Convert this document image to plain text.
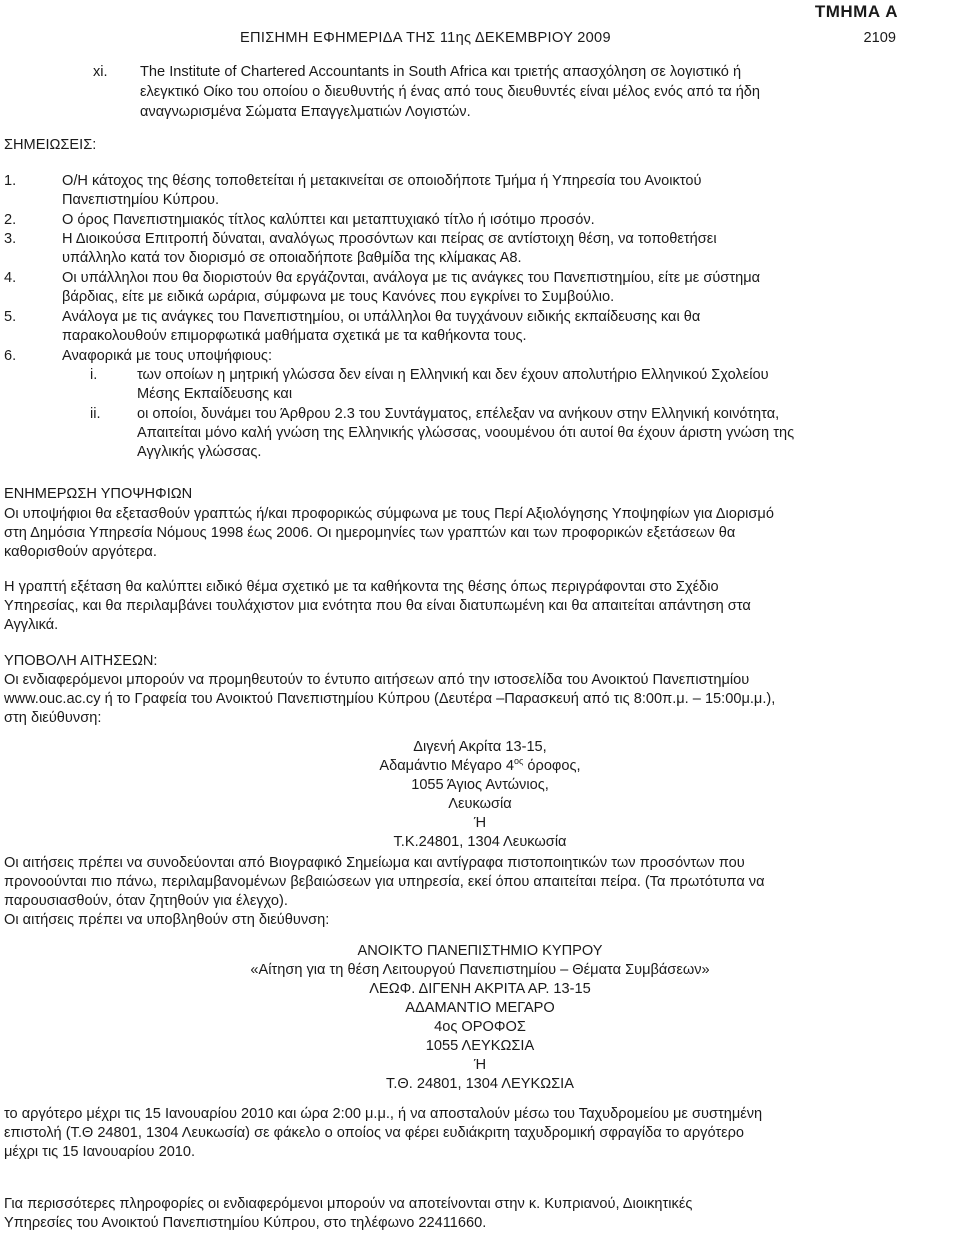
ΤΜΗΜΑ Α
ΕΠΙΣΗΜΗ ΕΦΗΜΕΡΙΔΑ ΤΗΣ 11ης ΔΕΚΕΜΒΡΙΟΥ 2009	2109
xi. The Institute of Chartered Accountants in South Africa και τριετής απασχόληση σε λογιστικό ή
ελεγκτικό Οίκο του οποίου ο διευθυντής ή ένας από τους διευθυντές είναι μέλος ενός από τα ήδη
αναγνωρισμένα Σώματα Επαγγελματιών Λογιστών.
ΣΗΜΕΙΩΣΕΙΣ:
1.	Ο/Η κάτοχος της θέσης τοποθετείται ή μετακινείται σε οποιοδήποτε Τμήμα ή Υπηρεσία του Ανοικτού
Πανεπιστημίου Κύπρου.
2.	Ο όρος Πανεπιστημιακός τίτλος καλύπτει και μεταπτυχιακό τίτλο ή ισότιμο προσόν.
3.	Η Διοικούσα Επιτροπή δύναται, αναλόγως προσόντων και πείρας σε αντίστοιχη θέση, να τοποθετήσει
υπάλληλο κατά τον διορισμό σε οποιαδήποτε βαθμίδα της κλίμακας Α8.
4.	Οι υπάλληλοι που θα διοριστούν θα εργάζονται, ανάλογα με τις ανάγκες του Πανεπιστημίου, είτε με σύστημα
βάρδιας, είτε με ειδικά ωράρια, σύμφωνα με τους Κανόνες που εγκρίνει το Συμβούλιο.
5.	Ανάλογα με τις ανάγκες του Πανεπιστημίου, οι υπάλληλοι θα τυγχάνουν ειδικής εκπαίδευσης και θα
παρακολουθούν επιμορφωτικά μαθήματα σχετικά με τα καθήκοντα τους.
6.	Αναφορικά με τους υποψήφιους:
i.	των οποίων η μητρική γλώσσα δεν είναι η Ελληνική και δεν έχουν απολυτήριο Ελληνικού Σχολείου
Μέσης Εκπαίδευσης και
ii. οι οποίοι, δυνάμει του Άρθρου 2.3 του Συντάγματος, επέλεξαν να ανήκουν στην Ελληνική κοινότητα,
Απαιτείται μόνο καλή γνώση της Ελληνικής γλώσσας, νοουμένου ότι αυτοί θα έχουν άριστη γνώση της
Αγγλικής γλώσσας.
ΕΝΗΜΕΡΩΣΗ ΥΠΟΨΗΦΙΩΝ
Οι υποψήφιοι θα εξετασθούν γραπτώς ή/και προφορικώς σύμφωνα με τους Περί Αξιολόγησης Υποψηφίων για Διορισμό
στη Δημόσια Υπηρεσία Νόμους 1998 έως 2006. Οι ημερομηνίες των γραπτών και των προφορικών εξετάσεων θα
καθορισθούν αργότερα.
Η γραπτή εξέταση θα καλύπτει ειδικό θέμα σχετικό με τα καθήκοντα της θέσης όπως περιγράφονται στο Σχέδιο
Υπηρεσίας, και θα περιλαμβάνει τουλάχιστον μια ενότητα που θα είναι διατυπωμένη και θα απαιτείται απάντηση στα
Αγγλικά.
ΥΠΟΒΟΛΗ ΑΙΤΗΣΕΩΝ:
Οι ενδιαφερόμενοι μπορούν να προμηθευτούν το έντυπο αιτήσεων από την ιστοσελίδα του Ανοικτού Πανεπιστημίου
www.ouc.ac.cy ή το Γραφεία του Ανοικτού Πανεπιστημίου Κύπρου (Δευτέρα –Παρασκευή από τις 8:00π.μ. – 15:00μ.μ.),
στη διεύθυνση:
Διγενή Ακρίτα 13-15,
Αδαμάντιο Μέγαρο $4^{o\varsigma}$ όροφος,
1055 Άγιος Αντώνιος,
Λευκωσία
Ή
Τ.Κ.24801, 1304 Λευκωσία
Οι αιτήσεις πρέπει να συνοδεύονται από Βιογραφικό Σημείωμα και αντίγραφα πιστοποιητικών των προσόντων που
προνοούνται πιο πάνω, περιλαμβανομένων βεβαιώσεων για υπηρεσία, εκεί όπου απαιτείται πείρα. (Τα πρωτότυπα να
παρουσιασθούν, όταν ζητηθούν για έλεγχο).
Οι αιτήσεις πρέπει να υποβληθούν στη διεύθυνση:
ΑΝΟΙΚΤΟ ΠΑΝΕΠΙΣΤΗΜΙΟ ΚΥΠΡΟΥ
«Αίτηση για τη θέση Λειτουργού Πανεπιστημίου – Θέματα Συμβάσεων»
ΛΕΩΦ. ΔΙΓΕΝΗ ΑΚΡΙΤΑ ΑΡ. 13-15
ΑΔΑΜΑΝΤΙΟ ΜΕΓΑΡΟ
4ος ΟΡΟΦΟΣ
1055 ΛΕΥΚΩΣΙΑ
Ή
Τ.Θ. 24801, 1304 ΛΕΥΚΩΣΙΑ
το αργότερο μέχρι τις 15 Ιανουαρίου 2010 και ώρα 2:00 μ.μ., ή να αποσταλούν μέσω του Ταχυδρομείου με συστημένη
επιστολή (Τ.Θ 24801, 1304 Λευκωσία) σε φάκελο ο οποίος να φέρει ευδιάκριτη ταχυδρομική σφραγίδα το αργότερο
μέχρι τις 15 Ιανουαρίου 2010.
Για περισσότερες πληροφορίες οι ενδιαφερόμενοι μπορούν να αποτείνονται στην κ. Κυπριανού, Διοικητικές
Υπηρεσίες του Ανοικτού Πανεπιστημίου Κύπρου, στο τηλέφωνο 22411660.
